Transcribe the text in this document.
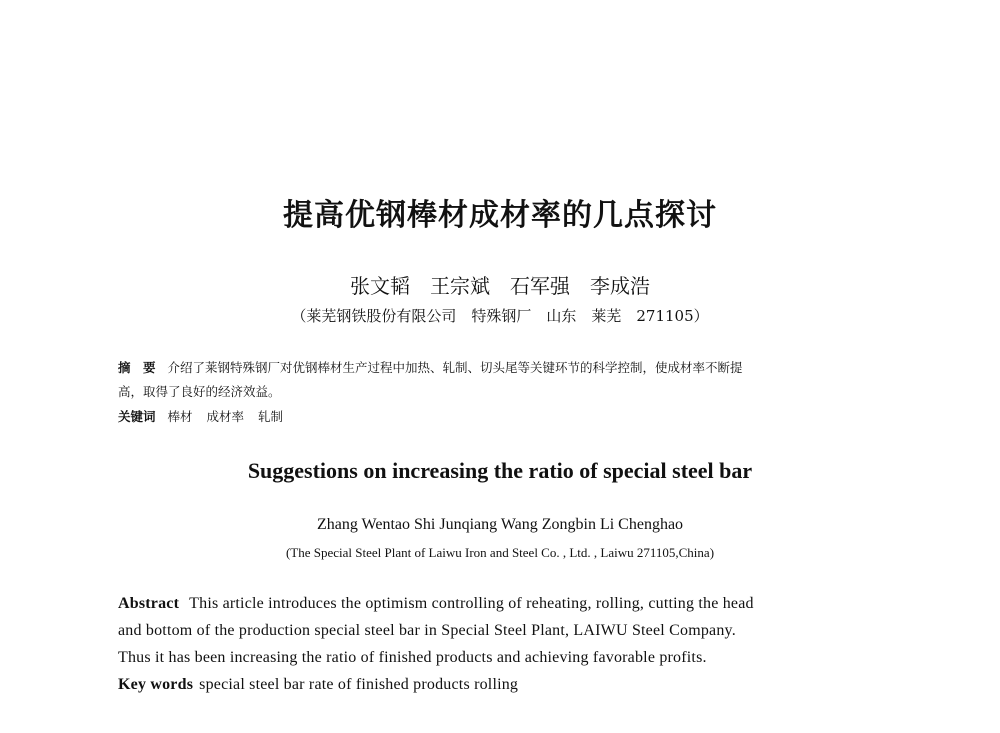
提高优钢棒材成材率的几点探讨
张文韬　王宗斌　石军强　李成浩
（莱芜钢铁股份有限公司　特殊钢厂　山东　莱芜　271105）
摘　要 介绍了莱钢特殊钢厂对优钢棒材生产过程中加热、轧制、切头尾等关键环节的科学控制，使成材率不断提
高，取得了良好的经济效益。
关键词 棒材 成材率 轧制
Suggestions on increasing the ratio of special steel bar
Zhang Wentao Shi Junqiang Wang Zongbin Li Chenghao
(The Special Steel Plant of Laiwu Iron and Steel Co. , Ltd. , Laiwu 271105,China)
Abstract This article introduces the optimism controlling of reheating, rolling, cutting the head
and bottom of the production special steel bar in Special Steel Plant, LAIWU Steel Company.
Thus it has been increasing the ratio of finished products and achieving favorable profits.
Key words special steel bar rate of finished products rolling
